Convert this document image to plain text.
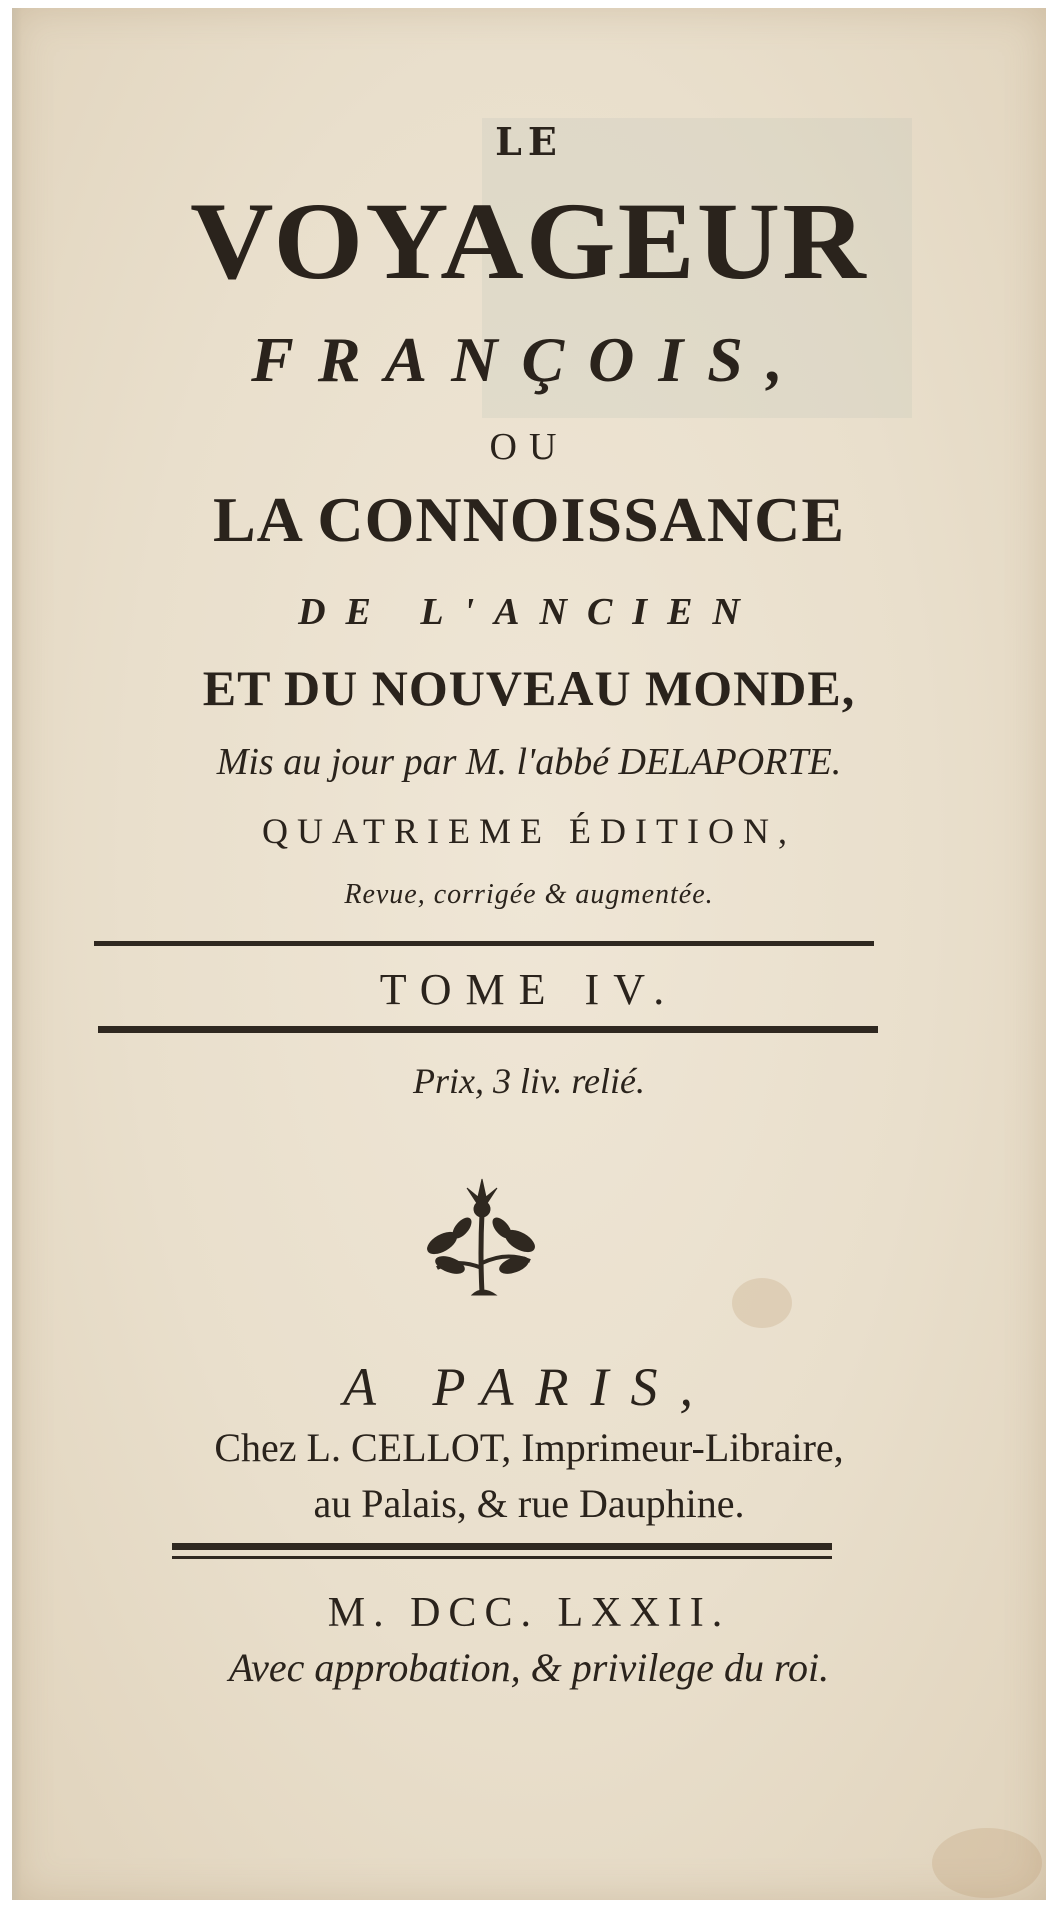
LE
VOYAGEUR
FRANÇOIS,
OU
LA CONNOISSANCE
DE L'ANCIEN
ET DU NOUVEAU MONDE,
Mis au jour par M. l'abbé DELAPORTE.
QUATRIEME ÉDITION,
Revue, corrigée & augmentée.
TOME IV.
Prix, 3 liv. relié.
A PARIS,
Chez L. CELLOT, Imprimeur-Libraire,
au Palais, & rue Dauphine.
M. DCC. LXXII.
Avec approbation, & privilege du roi.
